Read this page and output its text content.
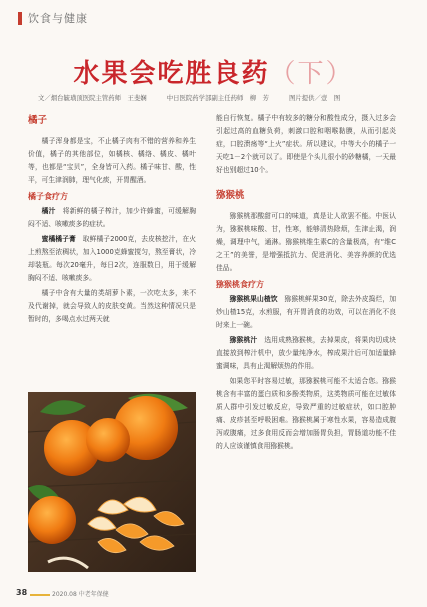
饮食与健康
水果会吃胜良药（下）
文／烟台毓璜顶医院主管药师　王斐娴	中日医院药学部副主任药师　柳　芳	图片提供／壹　图
橘子

橘子浑身都是宝，不止橘子肉有不错的营养和养生价值，橘子的其他部位，如橘核、橘络、橘皮、橘叶等，也都是“宝贝”，全身皆可入药。橘子味甘、酸，性平，可生津润肺，理气化痰，开胃醒酒。

橘子食疗方

橘汁　 将新鲜的橘子榨汁，加少许蜂蜜，可缓解胸闷不适、咳嗽痰多的症状。

蜜橘橘子膏　 取鲜橘子2000克，去皮核挖汁，在火上煎熬至浓稠状，加入1000克蜂蜜搅匀，熬至膏状，冷却装瓶。每次20毫升，每日2次，连服数日，用于缓解胸闷不适、咳嗽痰多。

橘子中含有大量的类胡萝卜素，一次吃太多，来不及代谢掉，就会导致人的皮肤变黄。当然这种情况只是暂时的，多喝点水过两天就

能自行恢复。橘子中有较多的糖分和酸性成分，摄入过多会引起过高的血糖负荷，刺激口腔和咽喉黏膜，从而引起炎症，口腔溃疡等“上火”症状。所以建议，中等大小的橘子一天吃1－2个就可以了。即使是个头儿很小的砂糖橘，一天最好也别超过10个。

猕猴桃

猕猴桃那酸甜可口的味道，真是让人欲罢不能。中医认为，猕猴桃味酸、甘，性寒，能够清热除烦，生津止渴，润燥，调理中气，通淋。猕猴桃维生素C的含量极高，有“维C之王”的美誉，是增强抵抗力、促进消化、美容养颜的优选佳品。

猕猴桃食疗方

猕猴桃果山楂饮　 猕猴桃鲜果30克，除去外皮捣烂，加炒山楂15克，水煎服，有开胃消食的功效，可以在消化不良时来上一碗。

猕猴桃汁　 选用成熟猕猴桃，去掉果皮，将果肉切成块直接放到榨汁机中，放少量纯净水，榨成果汁后可加适量蜂蜜调味，具有止渴解烦热的作用。

如果您平时容易过敏，那猕猴桃可能不太适合您。猕猴桃含有丰富的蛋白质和多酚类物质，这类物质可能在过敏体质人群中引发过敏反应，导致严重的过敏症状，如口腔肿痛、皮疹甚至呼吸困难。猕猴桃属于寒性水果，容易造成腹泻或腹痛，过多食用反而会增加肠胃负担，胃肠道功能不佳的人应该谨慎食用猕猴桃。

38	2020.08 中老年保健
